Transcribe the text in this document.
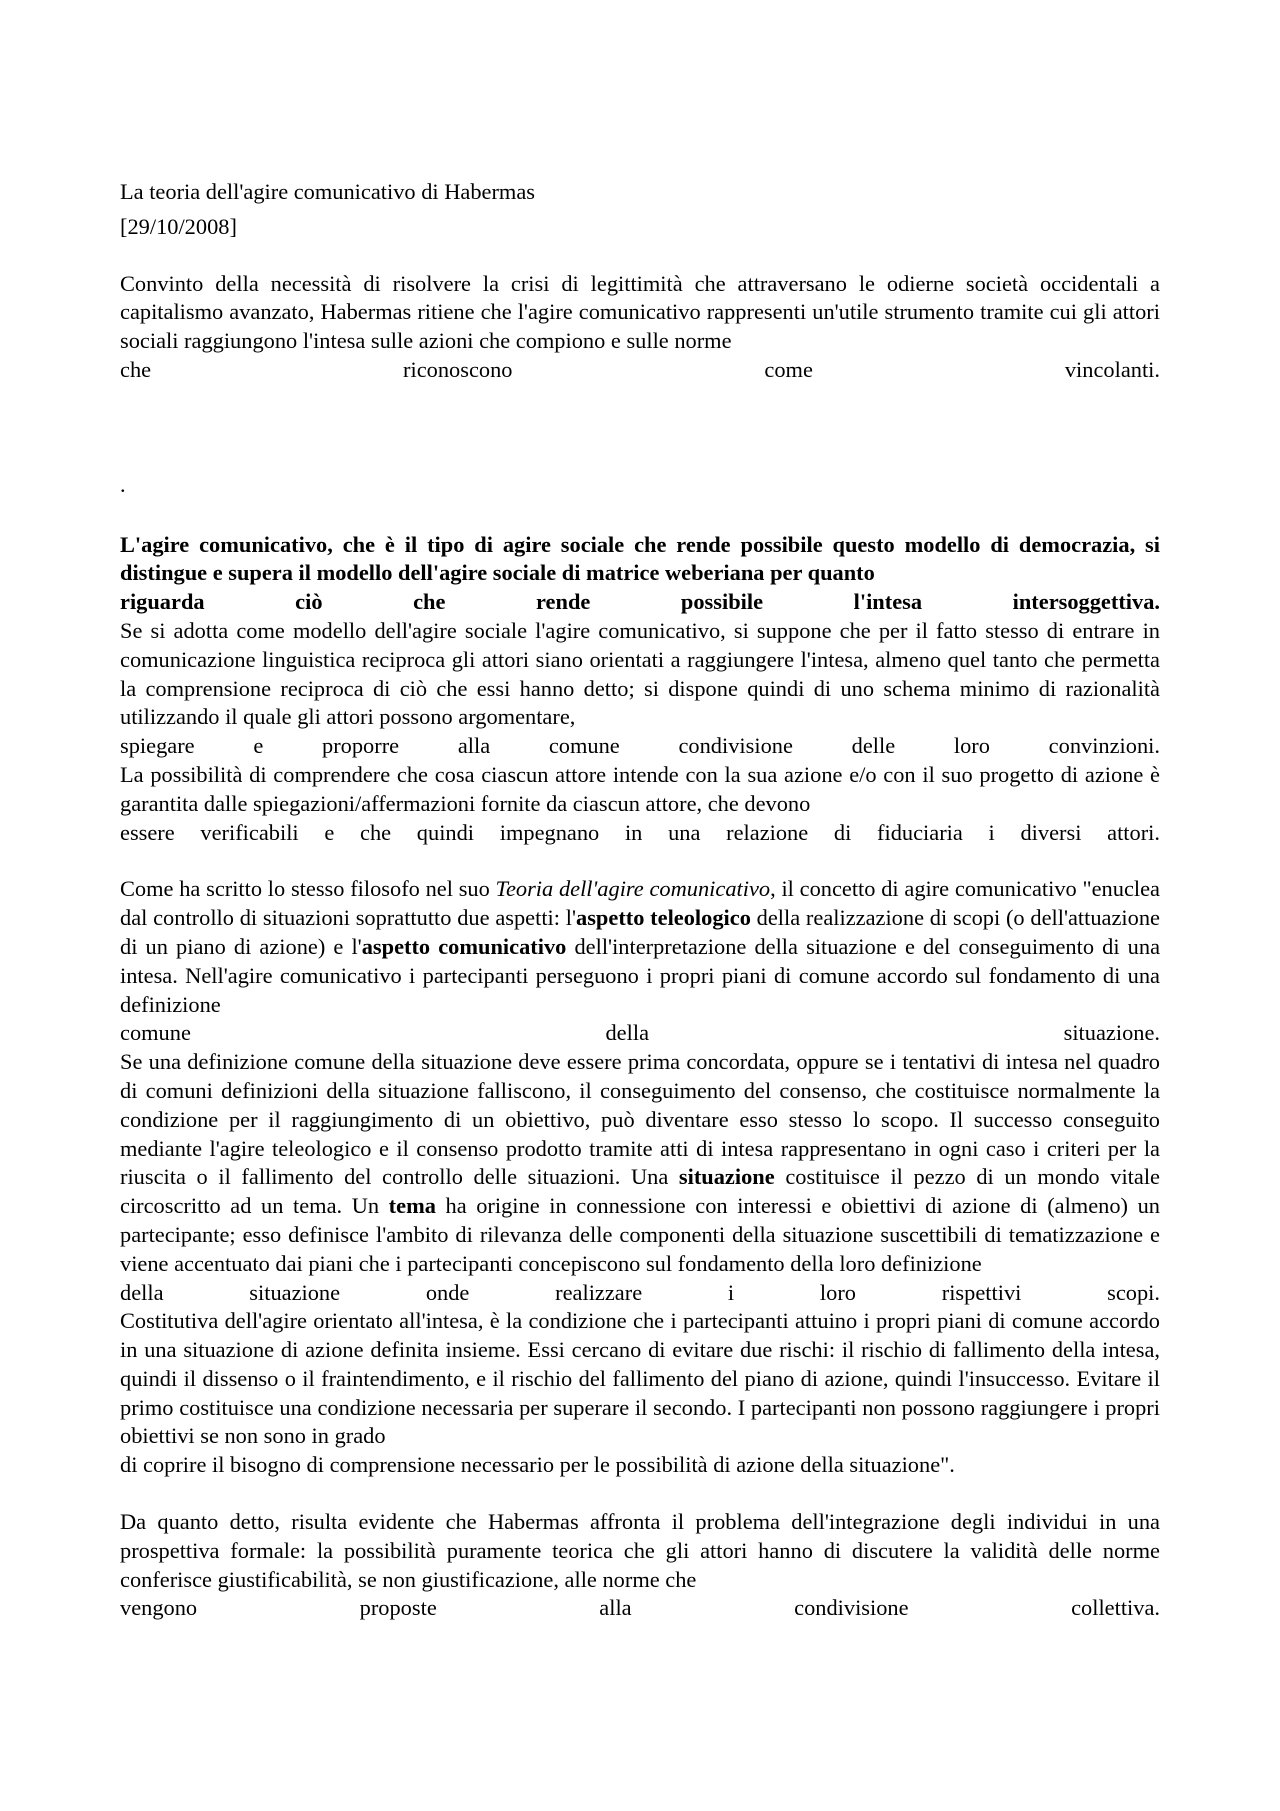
La teoria dell'agire comunicativo di Habermas
[29/10/2008]

Convinto della necessità di risolvere la crisi di legittimità che attraversano le odierne società occidentali a capitalismo avanzato, Habermas ritiene che l'agire comunicativo rappresenti un'utile strumento tramite cui gli attori sociali raggiungono l'intesa sulle azioni che compiono e sulle norme

che riconoscono come vincolanti.

.

L'agire comunicativo, che è il tipo di agire sociale che rende possibile questo modello di democrazia, si distingue e supera il modello dell'agire sociale di matrice weberiana per quanto

riguarda ciò che rende possibile l'intesa intersoggettiva.

Se si adotta come modello dell'agire sociale l'agire comunicativo, si suppone che per il fatto stesso di entrare in comunicazione linguistica reciproca gli attori siano orientati a raggiungere l'intesa, almeno quel tanto che permetta la comprensione reciproca di ciò che essi hanno detto; si dispone quindi di uno schema minimo di razionalità utilizzando il quale gli attori possono argomentare,

spiegare e proporre alla comune condivisione delle loro convinzioni.

La possibilità di comprendere che cosa ciascun attore intende con la sua azione e/o con il suo progetto di azione è garantita dalle spiegazioni/affermazioni fornite da ciascun attore, che devono

essere verificabili e che quindi impegnano in una relazione di fiduciaria i diversi attori.

Come ha scritto lo stesso filosofo nel suo Teoria dell'agire comunicativo, il concetto di agire comunicativo "enuclea dal controllo di situazioni soprattutto due aspetti: l'aspetto teleologico della realizzazione di scopi (o dell'attuazione di un piano di azione) e l'aspetto comunicativo dell'interpretazione della situazione e del conseguimento di una intesa. Nell'agire comunicativo i partecipanti perseguono i propri piani di comune accordo sul fondamento di una definizione

comune della situazione.

Se una definizione comune della situazione deve essere prima concordata, oppure se i tentativi di intesa nel quadro di comuni definizioni della situazione falliscono, il conseguimento del consenso, che costituisce normalmente la condizione per il raggiungimento di un obiettivo, può diventare esso stesso lo scopo. Il successo conseguito mediante l'agire teleologico e il consenso prodotto tramite atti di intesa rappresentano in ogni caso i criteri per la riuscita o il fallimento del controllo delle situazioni. Una situazione costituisce il pezzo di un mondo vitale circoscritto ad un tema. Un tema ha origine in connessione con interessi e obiettivi di azione di (almeno) un partecipante; esso definisce l'ambito di rilevanza delle componenti della situazione suscettibili di tematizzazione e viene accentuato dai piani che i partecipanti concepiscono sul fondamento della loro definizione

della situazione onde realizzare i loro rispettivi scopi.

Costitutiva dell'agire orientato all'intesa, è la condizione che i partecipanti attuino i propri piani di comune accordo in una situazione di azione definita insieme. Essi cercano di evitare due rischi: il rischio di fallimento della intesa, quindi il dissenso o il fraintendimento, e il rischio del fallimento del piano di azione, quindi l'insuccesso. Evitare il primo costituisce una condizione necessaria per superare il secondo. I partecipanti non possono raggiungere i propri obiettivi se non sono in grado

di coprire il bisogno di comprensione necessario per le possibilità di azione della situazione".

Da quanto detto, risulta evidente che Habermas affronta il problema dell'integrazione degli individui in una prospettiva formale: la possibilità puramente teorica che gli attori hanno di discutere la validità delle norme conferisce giustificabilità, se non giustificazione, alle norme che

vengono proposte alla condivisione collettiva.
